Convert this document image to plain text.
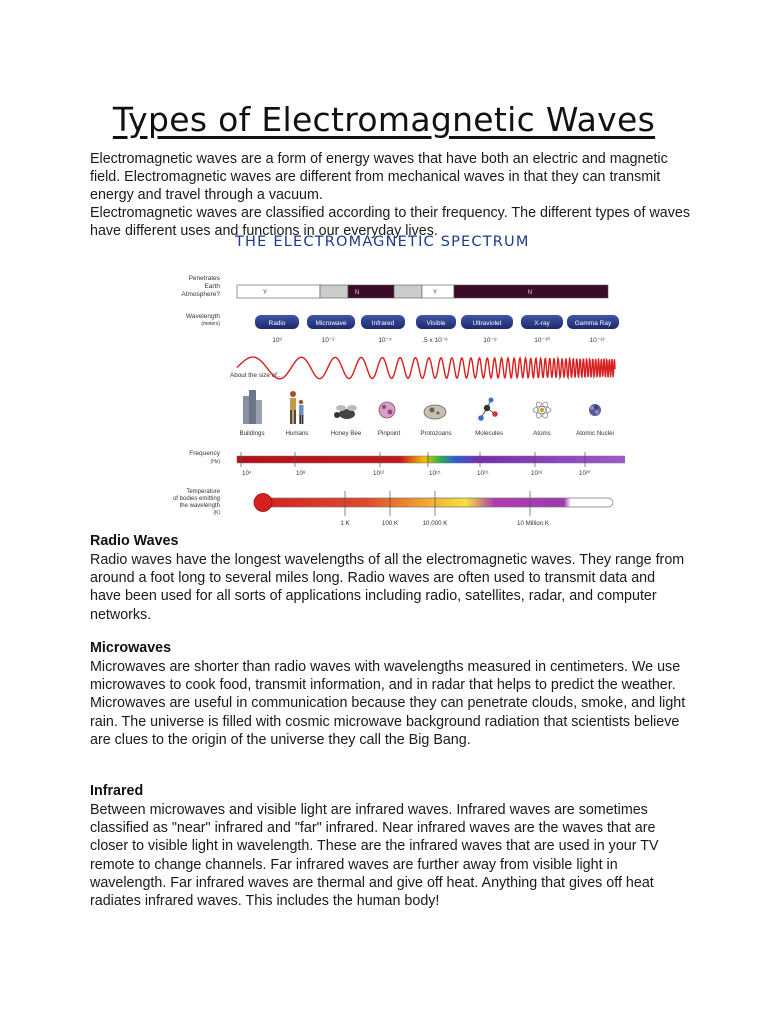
Types of Electromagnetic Waves
Electromagnetic waves are a form of energy waves that have both an electric and magnetic field. Electromagnetic waves are different from mechanical waves in that they can transmit energy and travel through a vacuum.
Electromagnetic waves are classified according to their frequency. The different types of waves have different uses and functions in our everyday lives.
THE ELECTROMAGNETIC SPECTRUM
Penetrates
Earth
Atmosphere?
Wavelength
(meters)
Frequency
(Hz)
Temperature
of bodies emitting
the wavelength
(K)
About the size of...
Y	N	Y	N
Radio	Microwave	Infrared	Visible	Ultraviolet	X-ray	Gamma Ray
10³	10⁻²	10⁻⁵	.5 x 10⁻⁶	10⁻⁸	10⁻¹⁰	10⁻¹²
Buildings	Humans	Honey Bee	Pinpoint	Protozoans	Molecules	Atoms	Atomic Nuclei
10⁴	10⁸	10¹²	10¹⁵	10¹⁶	10¹⁸	10²⁰
1 K	100 K	10,000 K	10 Million K
Radio Waves
Radio waves have the longest wavelengths of all the electromagnetic waves. They range from around a foot long to several miles long. Radio waves are often used to transmit data and have been used for all sorts of applications including radio, satellites, radar, and computer networks.
Microwaves
Microwaves are shorter than radio waves with wavelengths measured in centimeters. We use microwaves to cook food, transmit information, and in radar that helps to predict the weather. Microwaves are useful in communication because they can penetrate clouds, smoke, and light rain. The universe is filled with cosmic microwave background radiation that scientists believe are clues to the origin of the universe they call the Big Bang.
Infrared
Between microwaves and visible light are infrared waves. Infrared waves are sometimes classified as "near" infrared and "far" infrared. Near infrared waves are the waves that are closer to visible light in wavelength. These are the infrared waves that are used in your TV remote to change channels. Far infrared waves are further away from visible light in wavelength. Far infrared waves are thermal and give off heat. Anything that gives off heat radiates infrared waves. This includes the human body!
